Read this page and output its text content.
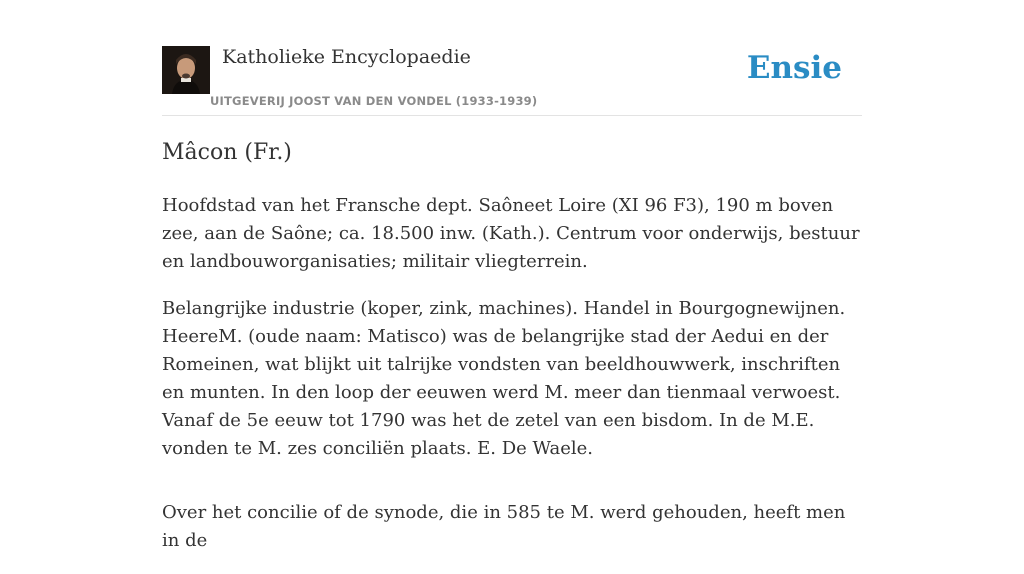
Katholieke Encyclopaedie
UITGEVERIJ JOOST VAN DEN VONDEL (1933-1939)
Ensie
Mâcon (Fr.)

Hoofdstad van het Fransche dept. Saôneet Loire (XI 96 F3), 190 m boven zee, aan de Saône; ca. 18.500 inw. (Kath.). Centrum voor onderwijs, bestuur en landbouworganisaties; militair vliegterrein.

Belangrijke industrie (koper, zink, machines). Handel in Bourgognewijnen. HeereM. (oude naam: Matisco) was de belangrijke stad der Aedui en der Romeinen, wat blijkt uit talrijke vondsten van beeldhouwwerk, inschriften en munten. In den loop der eeuwen werd M. meer dan tienmaal verwoest. Vanaf de 5e eeuw tot 1790 was het de zetel van een bisdom. In de M.E. vonden te M. zes conciliën plaats. E. De Waele.

Over het concilie of de synode, die in 585 te M. werd gehouden, heeft men in de
